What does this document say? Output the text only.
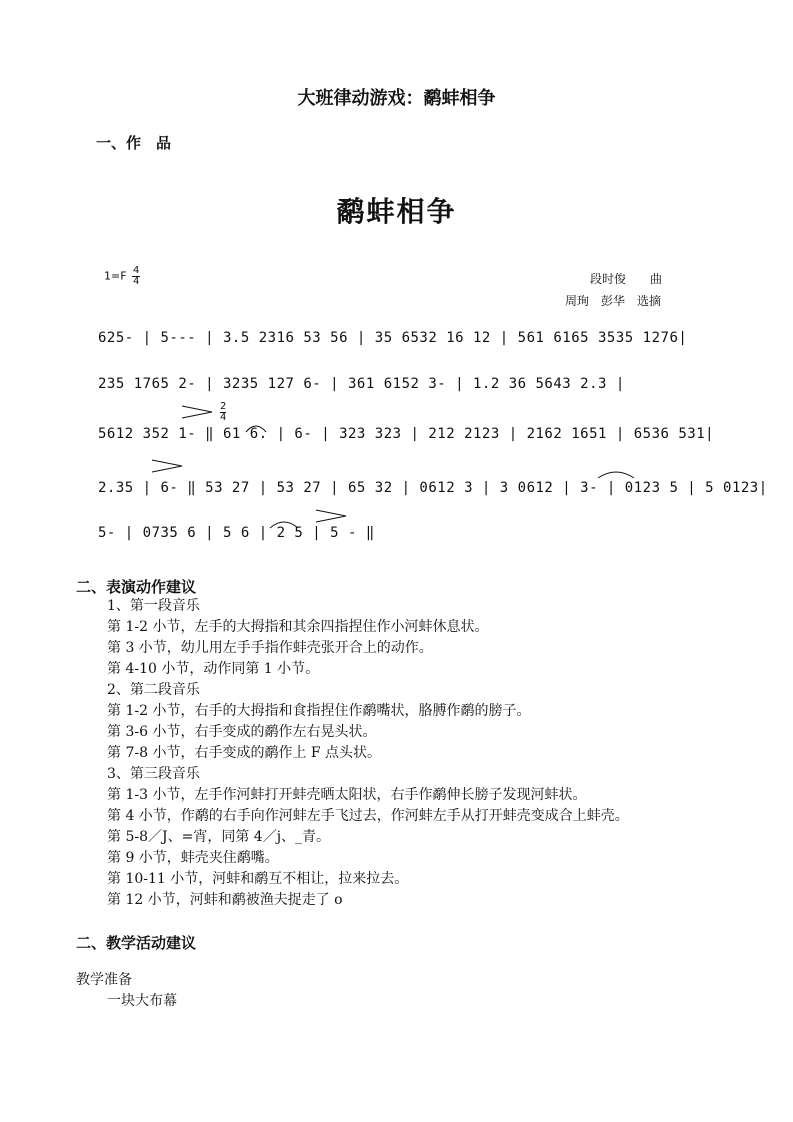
大班律动游戏：鹬蚌相争
一、作　品
鹬蚌相争
$1=F \frac{4}{4}$	段时俊　　曲
周珣　彭华　选摘
625- | 5--- | 3.5 2316 53 56 | 35 6532 16 12 | 561 6165 3535 1276|
235 1765 2- | 3235 127 6- | 361 6152 3- | 1.2 36 5643 2.3 |
$\frac{2}{4}$
5612 352 1- ‖ 61 6. | 6- | 323 323 | 212 2123 | 2162 1651 | 6536 531|
2.35 | 6- ‖ 53 27 | 53 27 | 65 32 | 0612 3 | 3 0612 | 3- | 0123 5 | 5 0123|
5- | 0735 6 | 5 6 | 2 5 | 5 - ‖
二、表演动作建议
1、第一段音乐
第 1-2 小节，左手的大拇指和其余四指捏住作小河蚌休息状。
第 3 小节，幼儿用左手手指作蚌壳张开合上的动作。
第 4-10 小节，动作同第 1 小节。
2、第二段音乐
第 1-2 小节，右手的大拇指和食指捏住作鹬嘴状，胳膊作鹬的膀子。
第 3-6 小节，右手变成的鹬作左右晃头状。
第 7-8 小节，右手变成的鹬作上 F 点头状。
3、第三段音乐
第 1-3 小节，左手作河蚌打开蚌壳晒太阳状，右手作鹬伸长膀子发现河蚌状。
第 4 小节，作鹬的右手向作河蚌左手飞过去，作河蚌左手从打开蚌壳变成合上蚌壳。
第 5-8／J、=宵，同第 4／j、_青。
第 9 小节，蚌壳夹住鹬嘴。
第 10-11 小节，河蚌和鹬互不相让，拉来拉去。
第 12 小节，河蚌和鹬被渔夫捉走了 o
二、教学活动建议
教学准备
一块大布幕
